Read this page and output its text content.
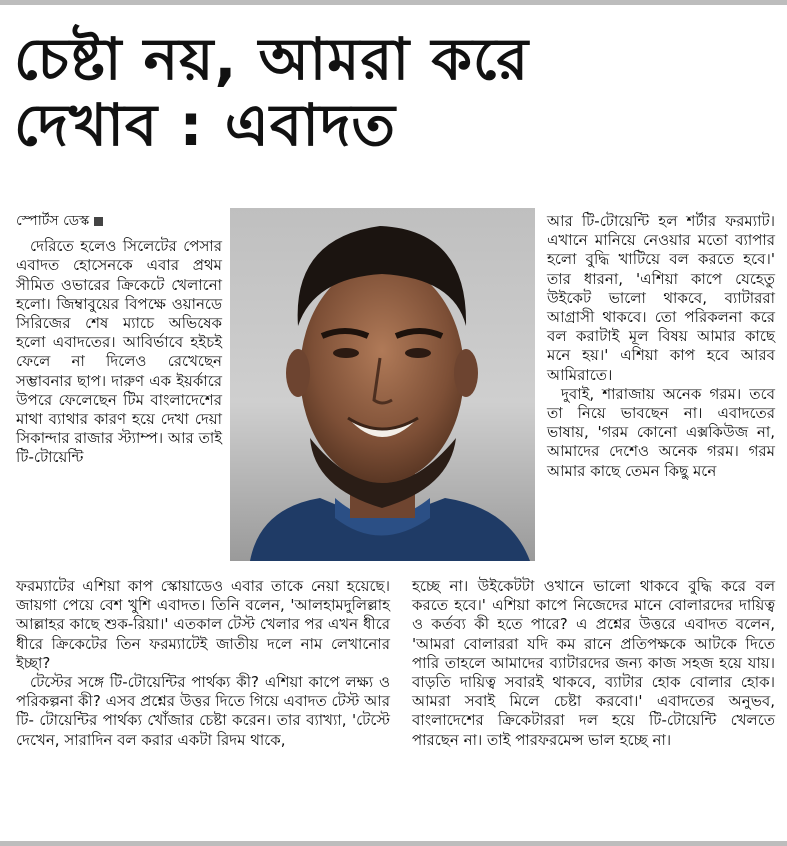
চেষ্টা নয়, আমরা করে
দেখাব : এবাদত

স্পোর্টস ডেস্ক

দেরিতে হলেও সিলেটের পেসার এবাদত হোসেনকে এবার প্রথম সীমিত ওভারের ক্রিকেটে খেলানো হলো। জিম্বাবুয়ের বিপক্ষে ওয়ানডে সিরিজের শেষ ম্যাচে অভিষেক হলো এবাদতের। আবির্ভাবে হইচই ফেলে না দিলেও রেখেছেন সম্ভাবনার ছাপ। দারুণ এক ইয়র্কারে উপরে ফেলেছেন টিম বাংলাদেশের মাথা ব্যাথার কারণ হয়ে দেখা দেয়া সিকান্দার রাজার স্ট্যাম্প। আর তাই টি-টোয়েন্টি

আর টি-টোয়েন্টি হল শর্টার ফরম্যাট। এখানে মানিয়ে নেওয়ার মতো ব্যাপার হলো বুদ্ধি খাটিয়ে বল করতে হবে।' তার ধারনা, 'এশিয়া কাপে যেহেতু উইকেট ভালো থাকবে, ব্যাটাররা আগ্রাসী থাকবে। তো পরিকলনা করে বল করাটাই মূল বিষয় আমার কাছে মনে হয়।' এশিয়া কাপ হবে আরব আমিরাতে।

দুবাই, শারাজায় অনেক গরম। তবে তা নিয়ে ভাবছেন না। এবাদতের ভাষায়, 'গরম কোনো এক্সকিউজ না, আমাদের দেশেও অনেক গরম। গরম আমার কাছে তেমন কিছু মনে

ফরম্যাটের এশিয়া কাপ স্কোয়াডেও এবার তাকে নেয়া হয়েছে। জায়গা পেয়ে বেশ খুশি এবাদত। তিনি বলেন, 'আলহামদুলিল্লাহ আল্লাহর কাছে শুক-রিয়া।' এতকাল টেস্ট খেলার পর এখন ধীরে ধীরে ক্রিকেটের তিন ফরম্যাটেই জাতীয় দলে নাম লেখানোর ইচ্ছা?

টেস্টের সঙ্গে টি-টোয়েন্টির পার্থক্য কী? এশিয়া কাপে লক্ষ্য ও পরিকল্পনা কী? এসব প্রশ্নের উত্তর দিতে গিয়ে এবাদত টেস্ট আর টি- টোয়েন্টির পার্থক্য খোঁজার চেষ্টা করেন। তার ব্যাখ্যা, 'টেস্টে দেখেন, সারাদিন বল করার একটা রিদম থাকে,

হচ্ছে না। উইকেটটা ওখানে ভালো থাকবে বুদ্ধি করে বল করতে হবে।' এশিয়া কাপে নিজেদের মানে বোলারদের দায়িত্ব ও কর্তব্য কী হতে পারে? এ প্রশ্নের উত্তরে এবাদত বলেন, 'আমরা বোলাররা যদি কম রানে প্রতিপক্ষকে আটকে দিতে পারি তাহলে আমাদের ব্যাটারদের জন্য কাজ সহজ হয়ে যায়। বাড়তি দায়িত্ব সবারই থাকবে, ব্যাটার হোক বোলার হোক। আমরা সবাই মিলে চেষ্টা করবো।' এবাদতের অনুভব, বাংলাদেশের ক্রিকেটাররা দল হয়ে টি-টোয়েন্টি খেলতে পারছেন না। তাই পারফরমেন্স ভাল হচ্ছে না।
